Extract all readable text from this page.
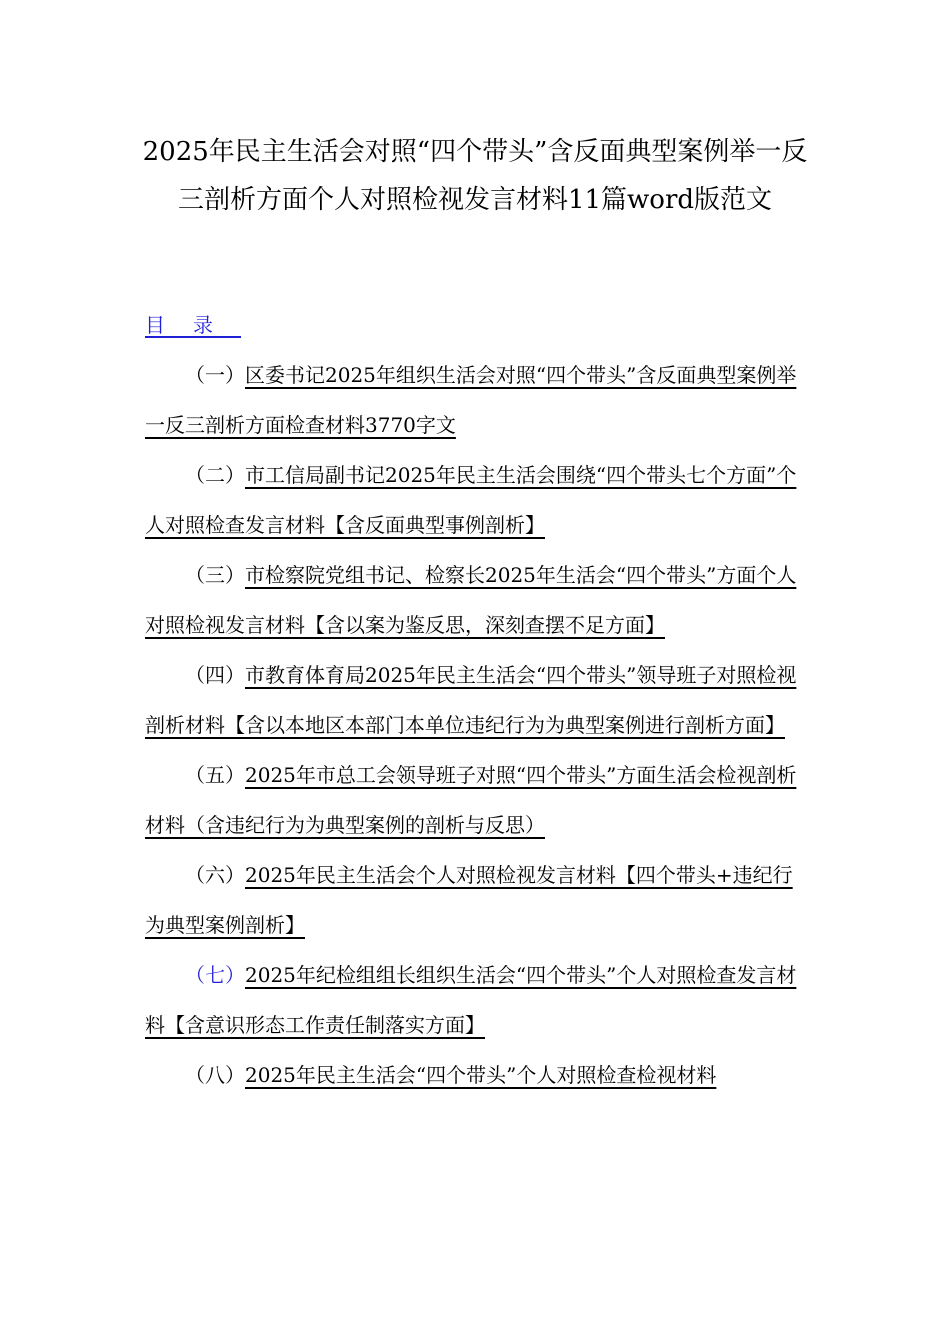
2025年民主生活会对照“四个带头”含反面典型案例举一反三剖析方面个人对照检视发言材料11篇word版范文
目录
（一）区委书记2025年组织生活会对照“四个带头”含反面典型案例举一反三剖析方面检查材料3770字文
（二）市工信局副书记2025年民主生活会围绕“四个带头七个方面”个人对照检查发言材料【含反面典型事例剖析】
（三）市检察院党组书记、检察长2025年生活会“四个带头”方面个人对照检视发言材料【含以案为鉴反思，深刻查摆不足方面】
（四）市教育体育局2025年民主生活会“四个带头”领导班子对照检视剖析材料【含以本地区本部门本单位违纪行为为典型案例进行剖析方面】
（五）2025年市总工会领导班子对照“四个带头”方面生活会检视剖析材料（含违纪行为为典型案例的剖析与反思）
（六）2025年民主生活会个人对照检视发言材料【四个带头+违纪行为典型案例剖析】
（七）2025年纪检组组长组织生活会“四个带头”个人对照检查发言材料【含意识形态工作责任制落实方面】
（八）2025年民主生活会“四个带头”个人对照检查检视材料
